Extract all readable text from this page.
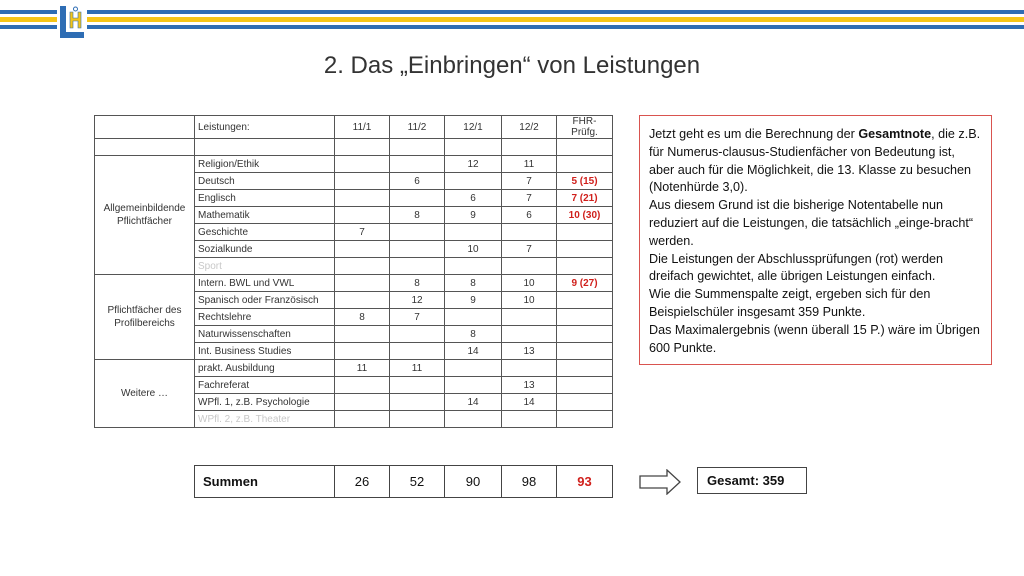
2. Das „Einbringen“ von Leistungen
	Leistungen:	11/1	11/2	12/1	12/2	FHR-Prüfg.

Allgemeinbildende Pflichtfächer	Religion/Ethik			12	11	
	Deutsch		6		7	5 (15)
	Englisch			6	7	7 (21)
	Mathematik		8	9	6	10 (30)
	Geschichte	7				
	Sozialkunde			10	7	
	Sport					
Pflichtfächer des Profilbereichs	Intern. BWL und VWL		8	8	10	9 (27)
	Spanisch oder Französisch		12	9	10	
	Rechtslehre	8	7			
	Naturwissenschaften			8		
	Int. Business Studies			14	13	
Weitere …	prakt. Ausbildung	11	11			
	Fachreferat				13	
	WPfl. 1, z.B. Psychologie			14	14	
	WPfl. 2, z.B. Theater					
Summen	26	52	90	98	93

Jetzt geht es um die Berechnung der Gesamtnote, die z.B. für Numerus-clausus-Studienfächer von Bedeutung ist, aber auch für die Möglichkeit, die 13. Klasse zu besuchen (Notenhürde 3,0).

Aus diesem Grund ist die bisherige Notentabelle nun reduziert auf die Leistungen, die tatsächlich „einge-bracht“ werden.

Die Leistungen der Abschlussprüfungen (rot) werden dreifach gewichtet, alle übrigen Leistungen einfach.

Wie die Summenspalte zeigt, ergeben sich für den Beispielschüler insgesamt 359 Punkte.

Das Maximalergebnis (wenn überall 15 P.) wäre im Übrigen 600 Punkte.

Gesamt: 359
